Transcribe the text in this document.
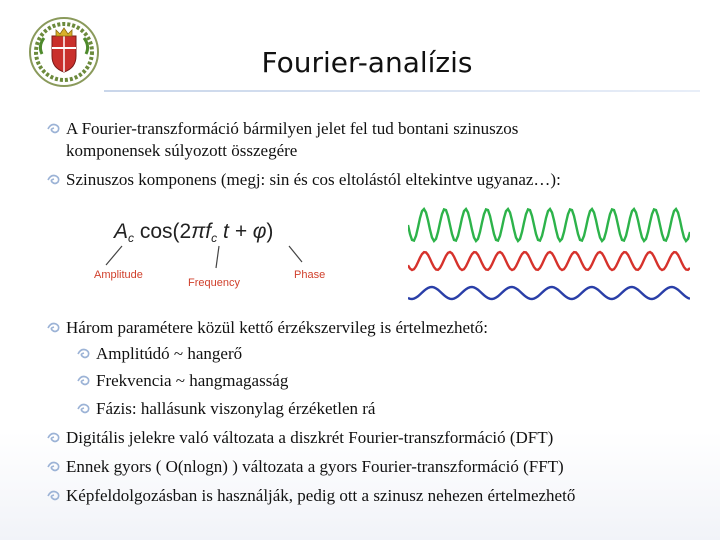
Fourier-analízis
A Fourier-transzformáció bármilyen jelet fel tud bontani szinuszos
komponensek súlyozott összegére
Szinuszos komponens (megj: sin és cos eltolástól eltekintve ugyanaz…):
Ac cos(2πfc t + φ)
Amplitude
Frequency
Phase
Három paramétere közül kettő érzékszervileg is értelmezhető:
Amplitúdó ~ hangerő
Frekvencia ~ hangmagasság
Fázis: hallásunk viszonylag érzéketlen rá
Digitális jelekre való változata a diszkrét Fourier-transzformáció (DFT)
Ennek gyors ( O(nlogn) ) változata a gyors Fourier-transzformáció (FFT)
Képfeldolgozásban is használják, pedig ott a szinusz nehezen értelmezhető
